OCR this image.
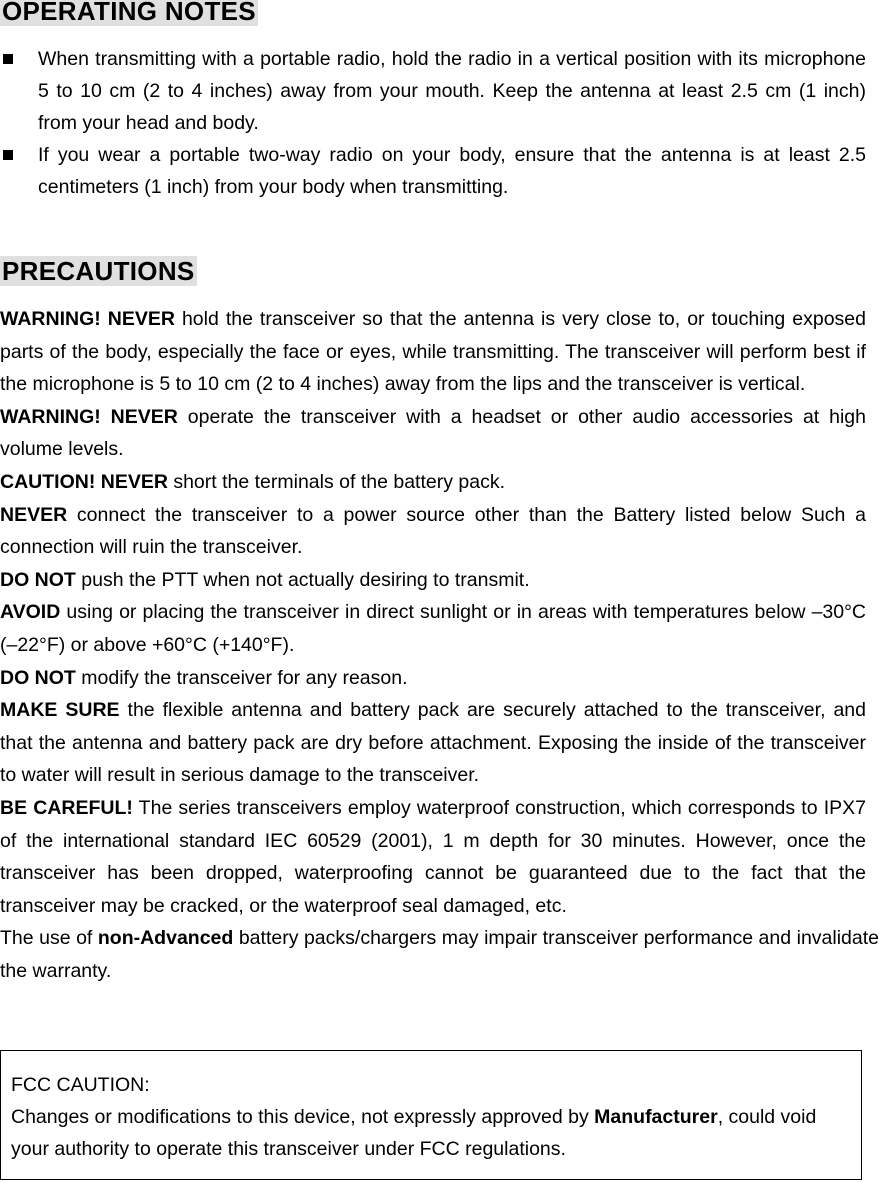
OPERATING NOTES
When transmitting with a portable radio, hold the radio in a vertical position with its microphone 5 to 10 cm (2 to 4 inches) away from your mouth. Keep the antenna at least 2.5 cm (1 inch) from your head and body.
If you wear a portable two-way radio on your body, ensure that the antenna is at least 2.5 centimeters (1 inch) from your body when transmitting.
PRECAUTIONS

WARNING! NEVER hold the transceiver so that the antenna is very close to, or touching exposed parts of the body, especially the face or eyes, while transmitting. The transceiver will perform best if the microphone is 5 to 10 cm (2 to 4 inches) away from the lips and the transceiver is vertical.

WARNING! NEVER operate the transceiver with a headset or other audio accessories at high volume levels.

CAUTION! NEVER short the terminals of the battery pack.

NEVER connect the transceiver to a power source other than the Battery listed below Such a connection will ruin the transceiver.

DO NOT push the PTT when not actually desiring to transmit.

AVOID using or placing the transceiver in direct sunlight or in areas with temperatures below –30°C (–22°F) or above +60°C (+140°F).

DO NOT modify the transceiver for any reason.

MAKE SURE the flexible antenna and battery pack are securely attached to the transceiver, and that the antenna and battery pack are dry before attachment. Exposing the inside of the transceiver to water will result in serious damage to the transceiver.

BE CAREFUL! The series transceivers employ waterproof construction, which corresponds to IPX7 of the international standard IEC 60529 (2001), 1 m depth for 30 minutes. However, once the transceiver has been dropped, waterproofing cannot be guaranteed due to the fact that the transceiver may be cracked, or the waterproof seal damaged, etc.

The use of non-Advanced battery packs/chargers may impair transceiver performance and invalidate the warranty.

FCC CAUTION:

Changes or modifications to this device, not expressly approved by Manufacturer, could void your authority to operate this transceiver under FCC regulations.
